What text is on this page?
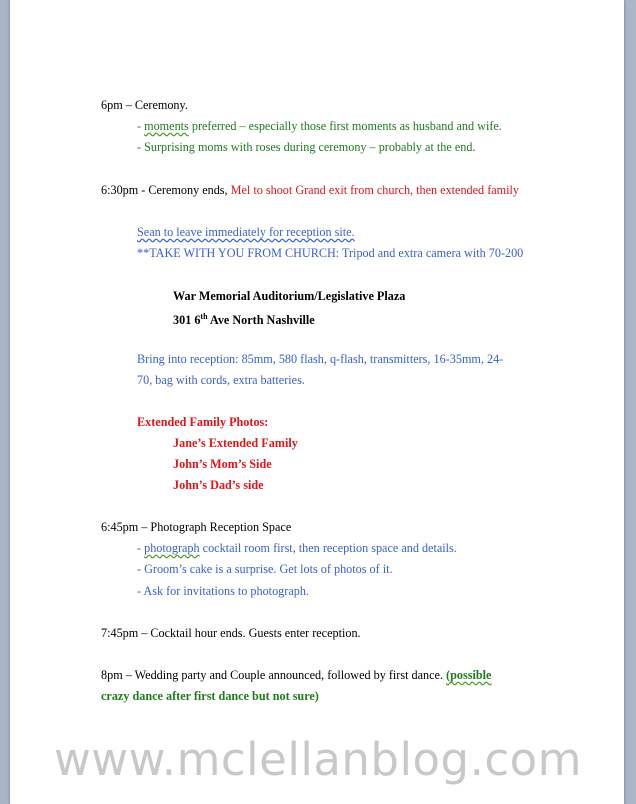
6pm – Ceremony.
- moments preferred – especially those first moments as husband and wife.
- Surprising moms with roses during ceremony – probably at the end.
6:30pm - Ceremony ends, Mel to shoot Grand exit from church, then extended family
Sean to leave immediately for reception site.
**TAKE WITH YOU FROM CHURCH: Tripod and extra camera with 70-200
War Memorial Auditorium/Legislative Plaza
301 6th Ave North Nashville
Bring into reception: 85mm, 580 flash, q-flash, transmitters, 16-35mm, 24-
70, bag with cords, extra batteries.
Extended Family Photos:
Jane’s Extended Family
John’s Mom’s Side
John’s Dad’s side
6:45pm – Photograph Reception Space
- photograph cocktail room first, then reception space and details.
- Groom’s cake is a surprise. Get lots of photos of it.
- Ask for invitations to photograph.
7:45pm – Cocktail hour ends. Guests enter reception.
8pm – Wedding party and Couple announced, followed by first dance. (possible
crazy dance after first dance but not sure)
www.mclellanblog.com
